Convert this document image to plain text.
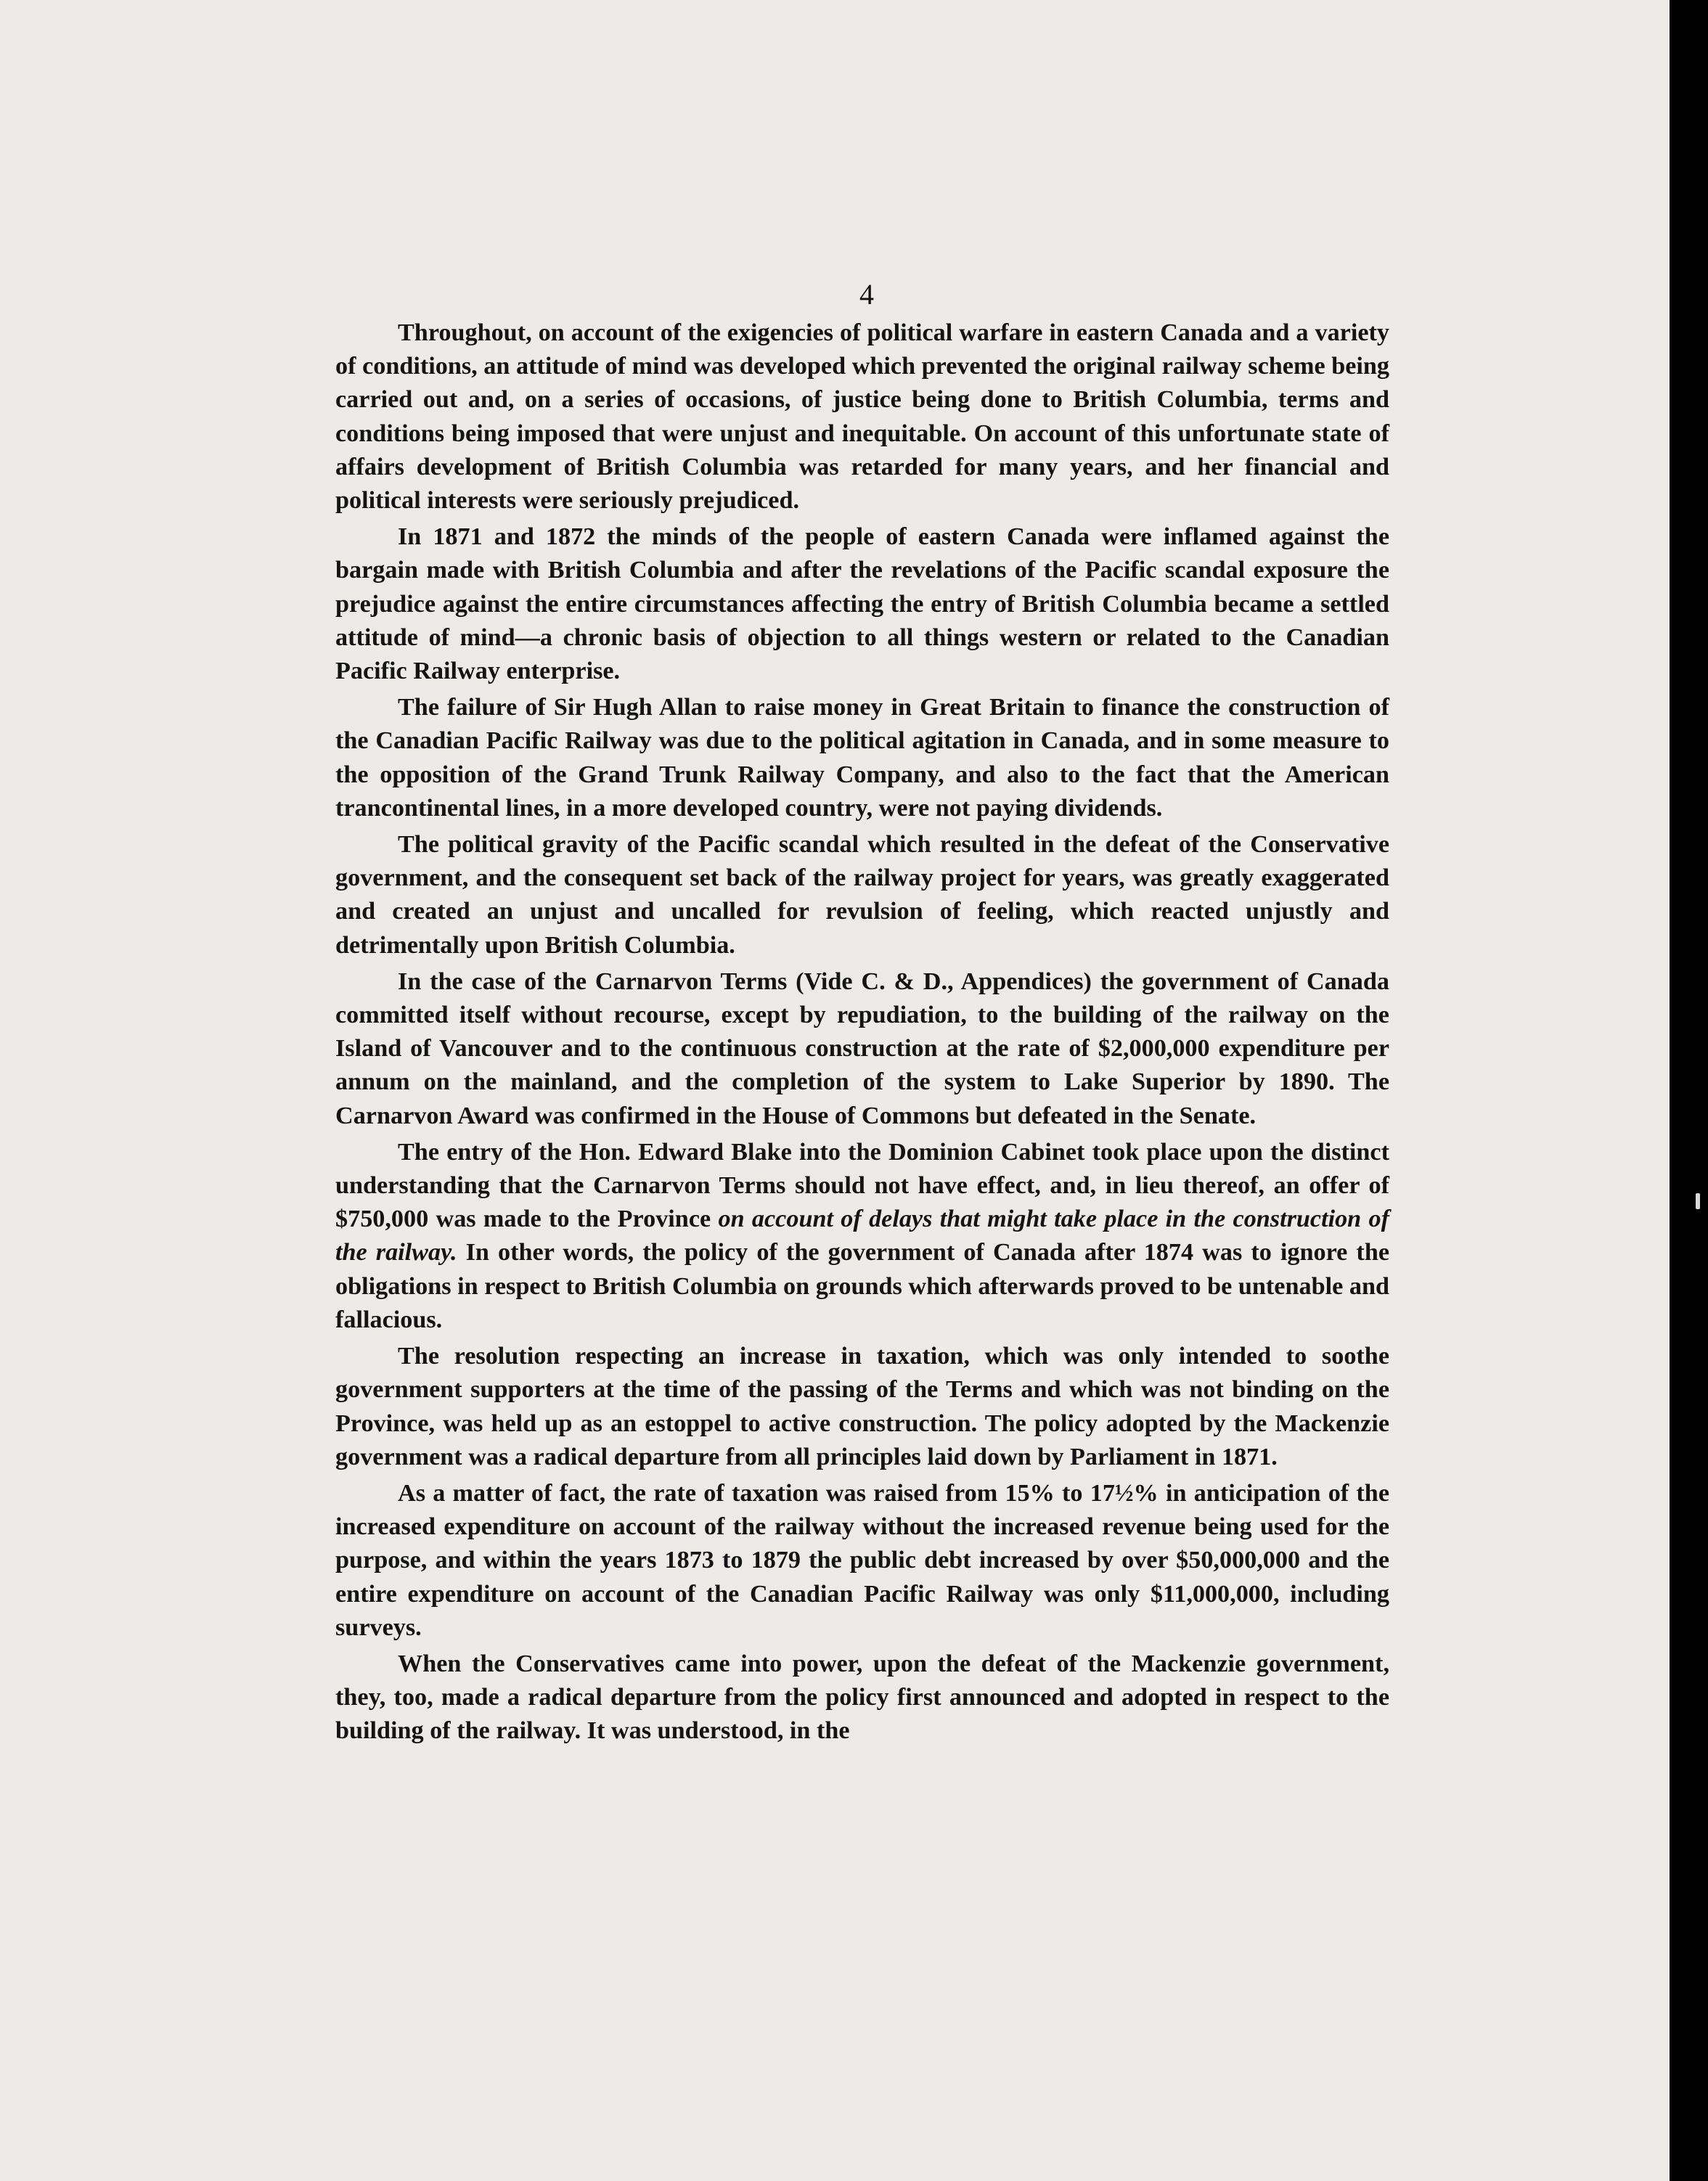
4

Throughout, on account of the exigencies of political warfare in eastern Canada and a variety of conditions, an attitude of mind was developed which prevented the original railway scheme being carried out and, on a series of occasions, of justice being done to British Columbia, terms and conditions being imposed that were unjust and inequitable. On account of this unfortunate state of affairs development of British Columbia was retarded for many years, and her financial and political interests were seriously prejudiced.

In 1871 and 1872 the minds of the people of eastern Canada were inflamed against the bargain made with British Columbia and after the revelations of the Pacific scandal exposure the prejudice against the entire circumstances affecting the entry of British Columbia became a settled attitude of mind—a chronic basis of objection to all things western or related to the Canadian Pacific Railway enterprise.

The failure of Sir Hugh Allan to raise money in Great Britain to finance the construction of the Canadian Pacific Railway was due to the political agitation in Canada, and in some measure to the opposition of the Grand Trunk Railway Company, and also to the fact that the American trancontinental lines, in a more developed country, were not paying dividends.

The political gravity of the Pacific scandal which resulted in the defeat of the Conservative government, and the consequent set back of the railway project for years, was greatly exaggerated and created an unjust and uncalled for revulsion of feeling, which reacted unjustly and detrimentally upon British Columbia.

In the case of the Carnarvon Terms (Vide C. & D., Appendices) the government of Canada committed itself without recourse, except by repudiation, to the building of the railway on the Island of Vancouver and to the continuous construction at the rate of $2,000,000 expenditure per annum on the mainland, and the completion of the system to Lake Superior by 1890. The Carnarvon Award was confirmed in the House of Commons but defeated in the Senate.

The entry of the Hon. Edward Blake into the Dominion Cabinet took place upon the distinct understanding that the Carnarvon Terms should not have effect, and, in lieu thereof, an offer of $750,000 was made to the Province on account of delays that might take place in the construction of the railway. In other words, the policy of the government of Canada after 1874 was to ignore the obligations in respect to British Columbia on grounds which afterwards proved to be untenable and fallacious.

The resolution respecting an increase in taxation, which was only intended to soothe government supporters at the time of the passing of the Terms and which was not binding on the Province, was held up as an estoppel to active construction. The policy adopted by the Mackenzie government was a radical departure from all principles laid down by Parliament in 1871.

As a matter of fact, the rate of taxation was raised from 15% to 17½% in anticipation of the increased expenditure on account of the railway without the increased revenue being used for the purpose, and within the years 1873 to 1879 the public debt increased by over $50,000,000 and the entire expenditure on account of the Canadian Pacific Railway was only $11,000,000, including surveys.

When the Conservatives came into power, upon the defeat of the Mackenzie government, they, too, made a radical departure from the policy first announced and adopted in respect to the building of the railway. It was understood, in the
